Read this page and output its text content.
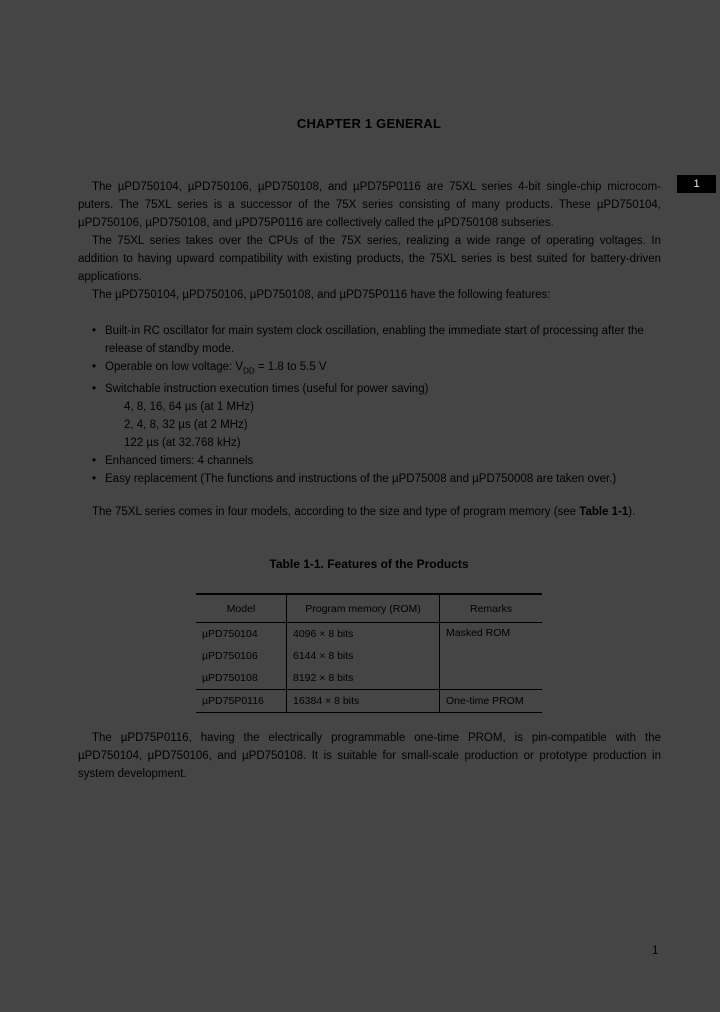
CHAPTER 1 GENERAL
1

The µPD750104, µPD750106, µPD750108, and µPD75P0116 are 75XL series 4-bit single-chip microcom-puters. The 75XL series is a successor of the 75X series consisting of many products. These µPD750104, µPD750106, µPD750108, and µPD75P0116 are collectively called the µPD750108 subseries.

The 75XL series takes over the CPUs of the 75X series, realizing a wide range of operating voltages. In addition to having upward compatibility with existing products, the 75XL series is best suited for battery-driven applications.

The µPD750104, µPD750106, µPD750108, and µPD75P0116 have the following features:

• Built-in RC oscillator for main system clock oscillation, enabling the immediate start of processing after the release of standby mode.
• Operable on low voltage: $V_{DD} = 1.8$ to 5.5 V
• Switchable instruction execution times (useful for power saving)
4, 8, 16, 64 µs (at 1 MHz)
2, 4, 8, 32 µs (at 2 MHz)
122 µs (at 32.768 kHz)
• Enhanced timers: 4 channels
• Easy replacement (The functions and instructions of the µPD75008 and µPD750008 are taken over.)

The 75XL series comes in four models, according to the size and type of program memory (see Table 1-1).

Table 1-1. Features of the Products
Model	Program memory (ROM)	Remarks
µPD750104	4096 × 8 bits	Masked ROM
µPD750106	6144 × 8 bits	
µPD750108	8192 × 8 bits	
µPD75P0116	16384 × 8 bits	One-time PROM

The µPD75P0116, having the electrically programmable one-time PROM, is pin-compatible with the µPD750104, µPD750106, and µPD750108. It is suitable for small-scale production or prototype production in system development.

1
